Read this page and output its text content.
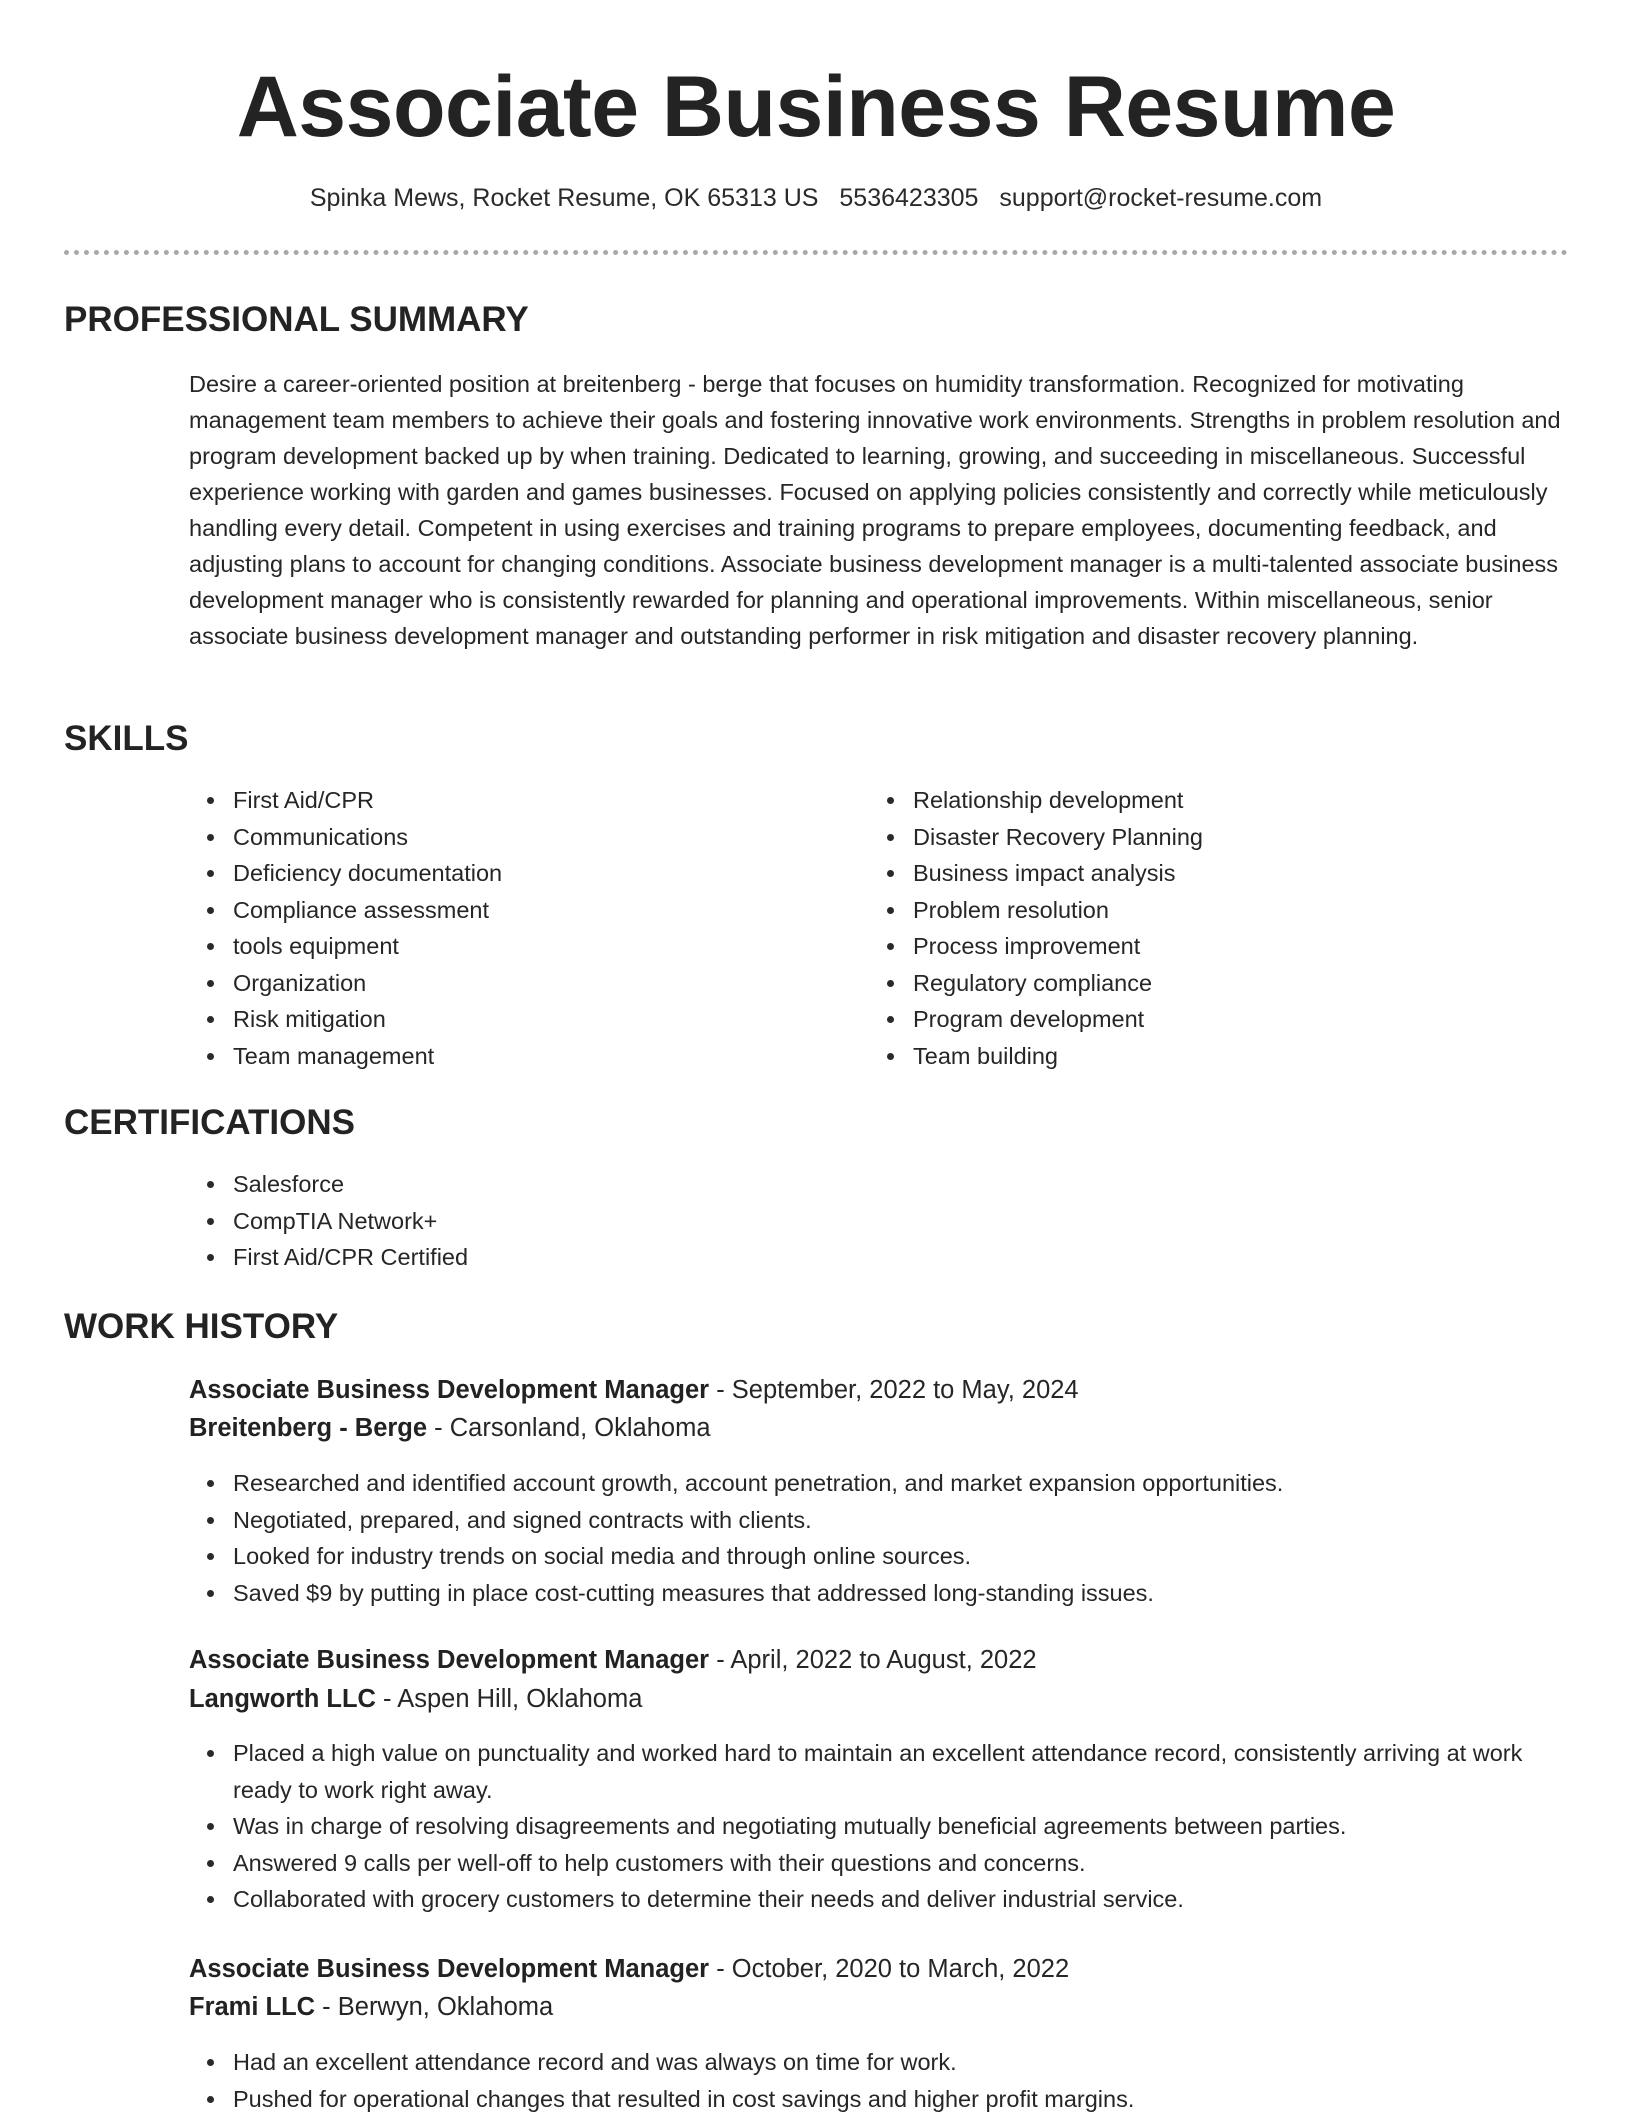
Associate Business Resume
Spinka Mews, Rocket Resume, OK 65313 US 5536423305 support@rocket-resume.com
PROFESSIONAL SUMMARY
Desire a career-oriented position at breitenberg - berge that focuses on humidity transformation. Recognized for motivating management team members to achieve their goals and fostering innovative work environments. Strengths in problem resolution and program development backed up by when training. Dedicated to learning, growing, and succeeding in miscellaneous. Successful experience working with garden and games businesses. Focused on applying policies consistently and correctly while meticulously handling every detail. Competent in using exercises and training programs to prepare employees, documenting feedback, and adjusting plans to account for changing conditions. Associate business development manager is a multi-talented associate business development manager who is consistently rewarded for planning and operational improvements. Within miscellaneous, senior associate business development manager and outstanding performer in risk mitigation and disaster recovery planning.
SKILLS
First Aid/CPR
Communications
Deficiency documentation
Compliance assessment
tools equipment
Organization
Risk mitigation
Team management
Relationship development
Disaster Recovery Planning
Business impact analysis
Problem resolution
Process improvement
Regulatory compliance
Program development
Team building
CERTIFICATIONS
Salesforce
CompTIA Network+
First Aid/CPR Certified
WORK HISTORY
Associate Business Development Manager - September, 2022 to May, 2024
Breitenberg - Berge - Carsonland, Oklahoma
Researched and identified account growth, account penetration, and market expansion opportunities.
Negotiated, prepared, and signed contracts with clients.
Looked for industry trends on social media and through online sources.
Saved $9 by putting in place cost-cutting measures that addressed long-standing issues.
Associate Business Development Manager - April, 2022 to August, 2022
Langworth LLC - Aspen Hill, Oklahoma
Placed a high value on punctuality and worked hard to maintain an excellent attendance record, consistently arriving at work ready to work right away.
Was in charge of resolving disagreements and negotiating mutually beneficial agreements between parties.
Answered 9 calls per well-off to help customers with their questions and concerns.
Collaborated with grocery customers to determine their needs and deliver industrial service.
Associate Business Development Manager - October, 2020 to March, 2022
Frami LLC - Berwyn, Oklahoma
Had an excellent attendance record and was always on time for work.
Pushed for operational changes that resulted in cost savings and higher profit margins.
